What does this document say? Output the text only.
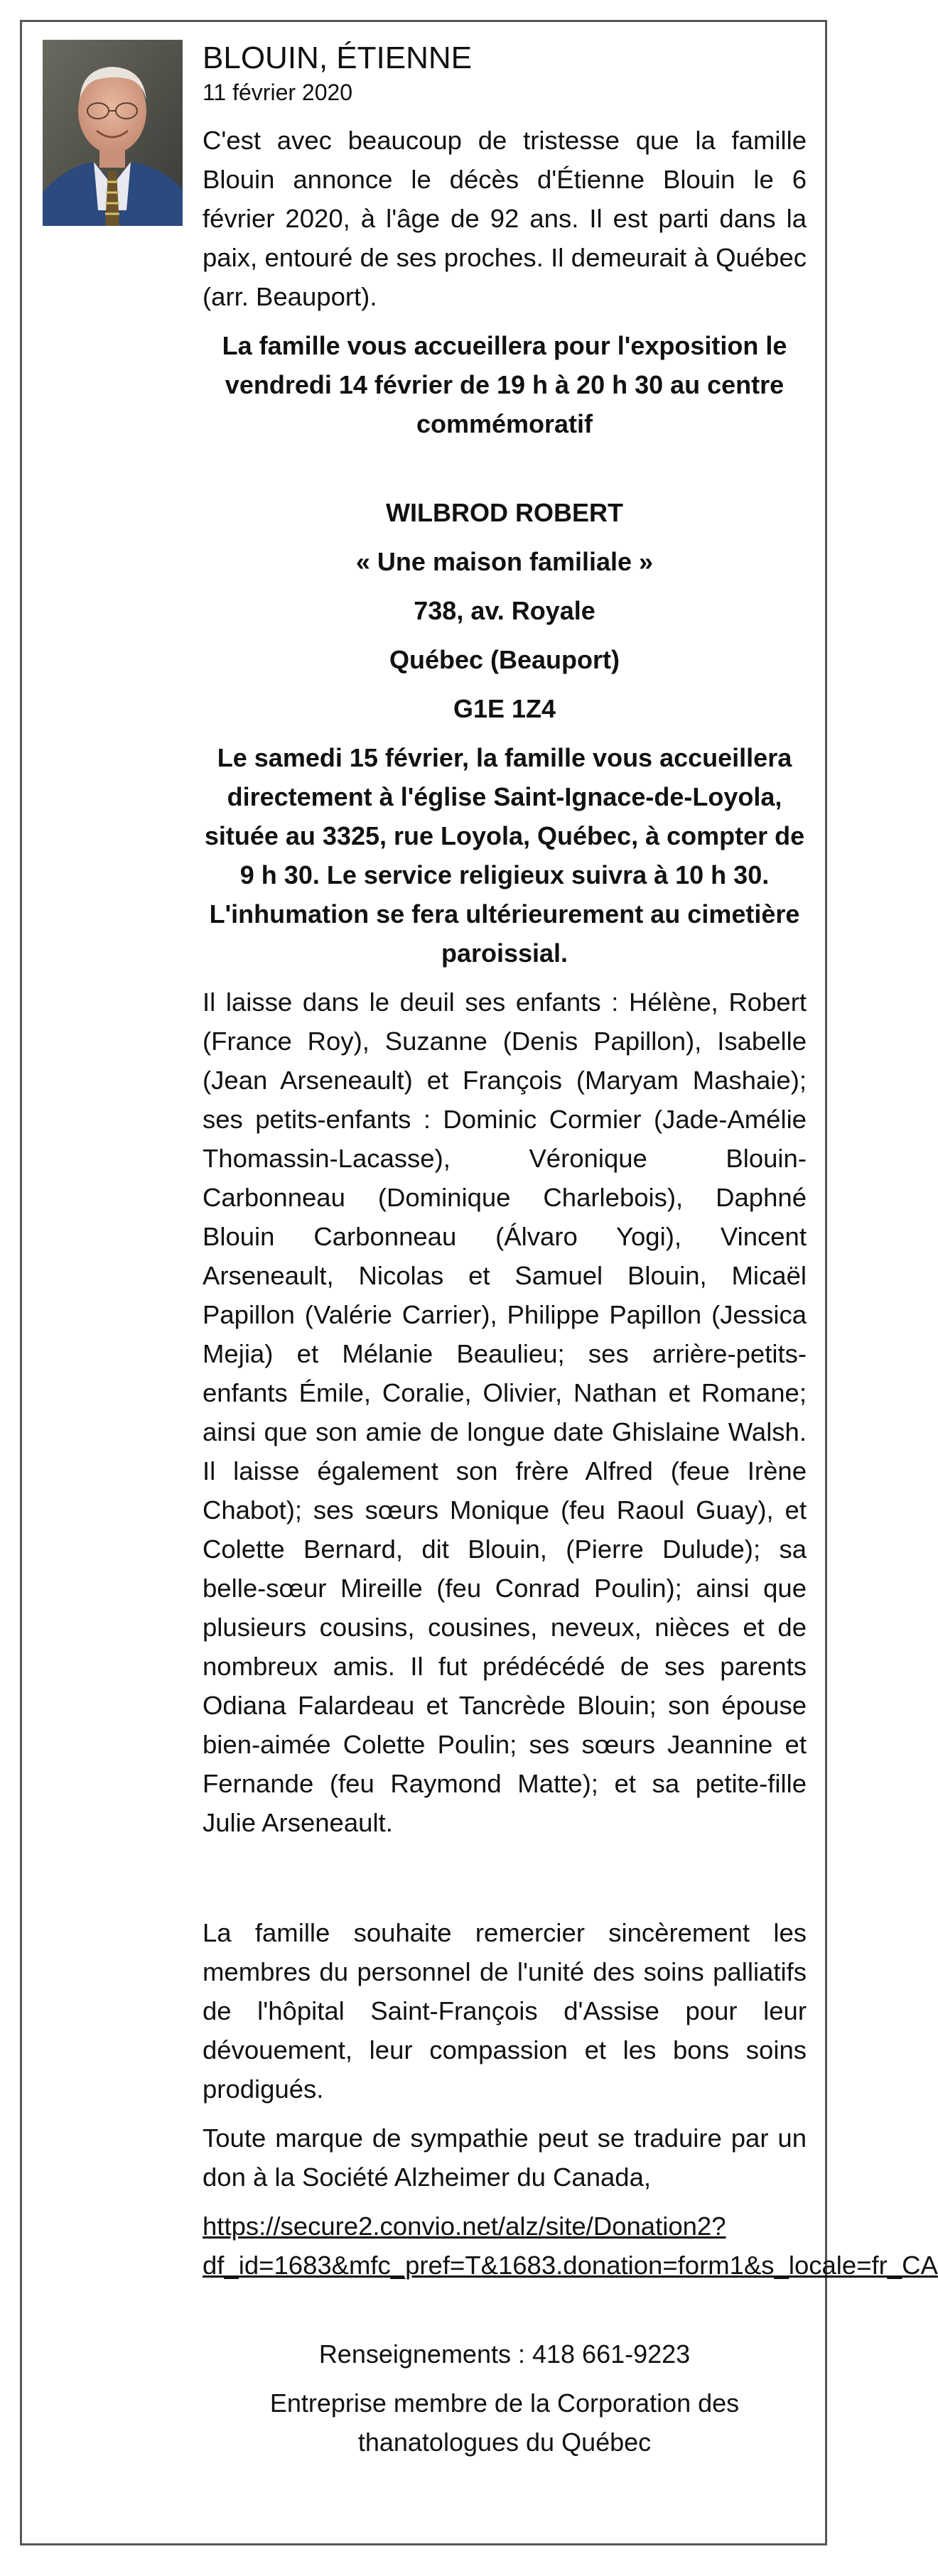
BLOUIN, ÉTIENNE
11 février 2020

C'est avec beaucoup de tristesse que la famille Blouin annonce le décès d'Étienne Blouin le 6 février 2020, à l'âge de 92 ans. Il est parti dans la paix, entouré de ses proches. Il demeurait à Québec (arr. Beauport).

La famille vous accueillera pour l'exposition le vendredi 14 février de 19 h à 20 h 30 au centre commémoratif

WILBROD ROBERT

« Une maison familiale »

738, av. Royale

Québec (Beauport)

G1E 1Z4

Le samedi 15 février, la famille vous accueillera directement à l'église Saint-Ignace-de-Loyola, située au 3325, rue Loyola, Québec, à compter de 9 h 30. Le service religieux suivra à 10 h 30. L'inhumation se fera ultérieurement au cimetière paroissial.

Il laisse dans le deuil ses enfants : Hélène, Robert (France Roy), Suzanne (Denis Papillon), Isabelle (Jean Arseneault) et François (Maryam Mashaie); ses petits-enfants : Dominic Cormier (Jade-Amélie Thomassin-Lacasse), Véronique Blouin-Carbonneau (Dominique Charlebois), Daphné Blouin Carbonneau (Álvaro Yogi), Vincent Arseneault, Nicolas et Samuel Blouin, Micaël Papillon (Valérie Carrier), Philippe Papillon (Jessica Mejia) et Mélanie Beaulieu; ses arrière-petits-enfants Émile, Coralie, Olivier, Nathan et Romane; ainsi que son amie de longue date Ghislaine Walsh. Il laisse également son frère Alfred (feue Irène Chabot); ses sœurs Monique (feu Raoul Guay), et Colette Bernard, dit Blouin, (Pierre Dulude); sa belle-sœur Mireille (feu Conrad Poulin); ainsi que plusieurs cousins, cousines, neveux, nièces et de nombreux amis. Il fut prédécédé de ses parents Odiana Falardeau et Tancrède Blouin; son épouse bien-aimée Colette Poulin; ses sœurs Jeannine et Fernande (feu Raymond Matte); et sa petite-fille Julie Arseneault.

La famille souhaite remercier sincèrement les membres du personnel de l'unité des soins palliatifs de l'hôpital Saint-François d'Assise pour leur dévouement, leur compassion et les bons soins prodigués.

Toute marque de sympathie peut se traduire par un don à la Société Alzheimer du Canada,

https://secure2.convio.net/alz/site/Donation2?
df_id=1683&mfc_pref=T&1683.donation=form1&s_locale=fr_CA

Renseignements : 418 661-9223

Entreprise membre de la Corporation des thanatologues du Québec
